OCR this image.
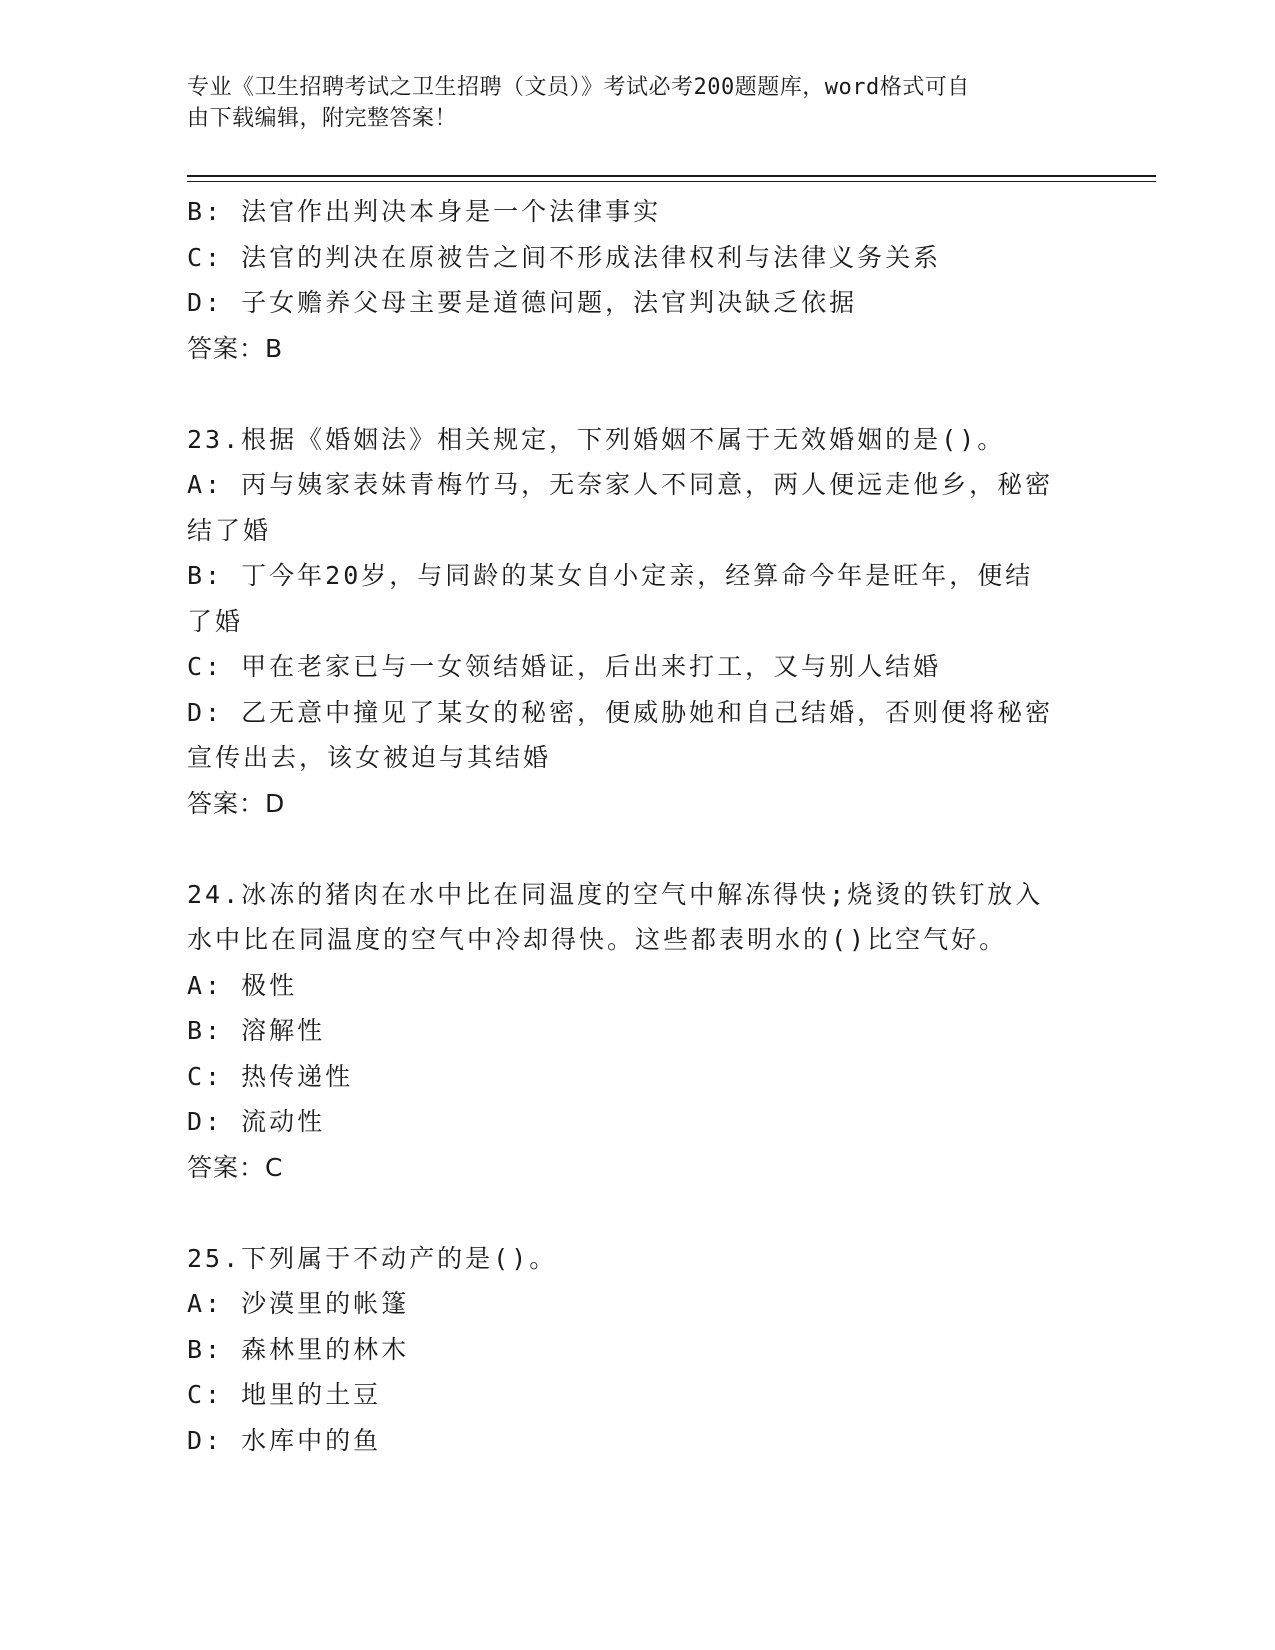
专业《卫生招聘考试之卫生招聘（文员）》考试必考200题题库，word格式可自
由下载编辑，附完整答案！
B: 法官作出判决本身是一个法律事实
C: 法官的判决在原被告之间不形成法律权利与法律义务关系
D: 子女赡养父母主要是道德问题，法官判决缺乏依据
答案：B
23.根据《婚姻法》相关规定，下列婚姻不属于无效婚姻的是()。
A: 丙与姨家表妹青梅竹马，无奈家人不同意，两人便远走他乡，秘密
结了婚
B: 丁今年20岁，与同龄的某女自小定亲，经算命今年是旺年，便结
了婚
C: 甲在老家已与一女领结婚证，后出来打工，又与别人结婚
D: 乙无意中撞见了某女的秘密，便威胁她和自己结婚，否则便将秘密
宣传出去，该女被迫与其结婚
答案：D
24.冰冻的猪肉在水中比在同温度的空气中解冻得快;烧烫的铁钉放入
水中比在同温度的空气中冷却得快。这些都表明水的()比空气好。
A: 极性
B: 溶解性
C: 热传递性
D: 流动性
答案：C
25.下列属于不动产的是()。
A: 沙漠里的帐篷
B: 森林里的林木
C: 地里的土豆
D: 水库中的鱼
